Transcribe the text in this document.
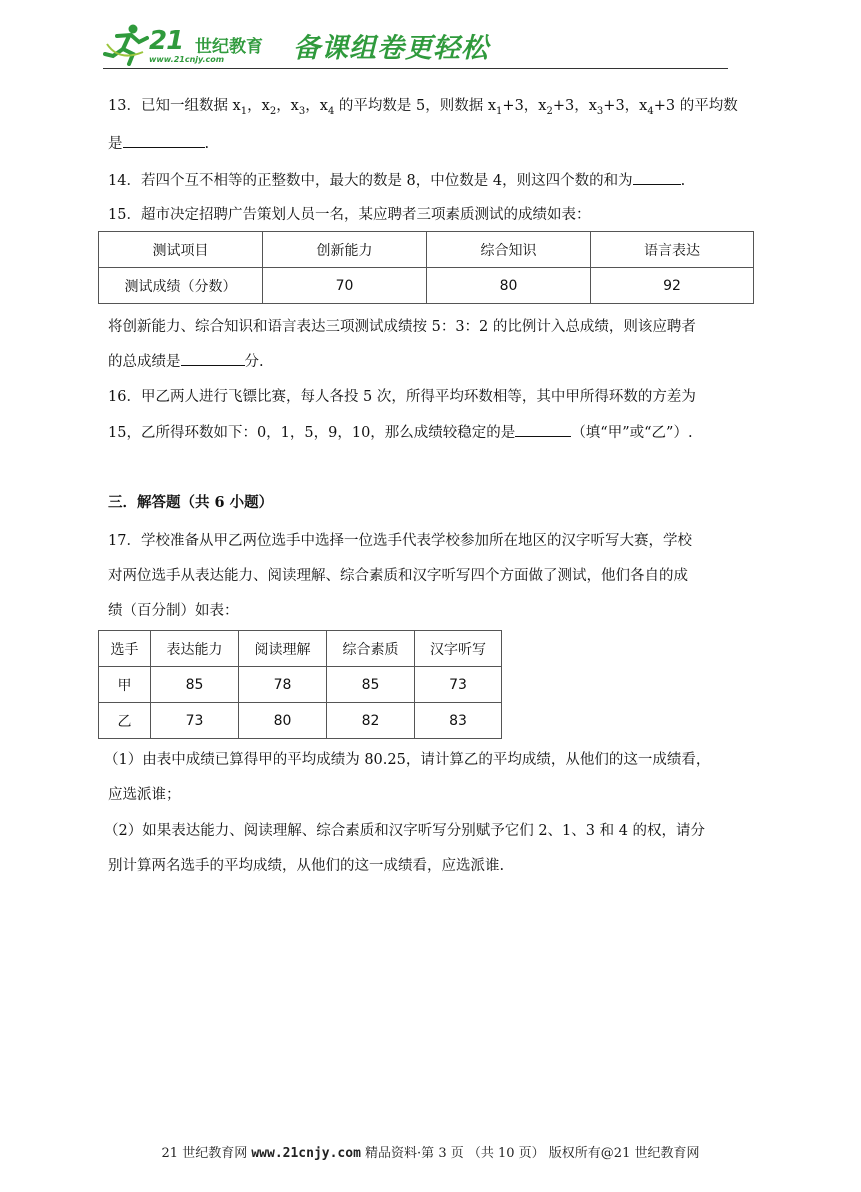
21 世纪教育
www.21cnjy.com	备课组卷更轻松
13．已知一组数据 $x_1$，$x_2$，$x_3$，$x_4$ 的平均数是 5，则数据 $x_1+3$，$x_2+3$，$x_3+3$，$x_4+3$ 的平均数
是	.
14．若四个互不相等的正整数中，最大的数是 8，中位数是 4，则这四个数的和为	.
15．超市决定招聘广告策划人员一名，某应聘者三项素质测试的成绩如表：
测试项目	创新能力	综合知识	语言表达
测试成绩（分数）	70	80	92
将创新能力、综合知识和语言表达三项测试成绩按 5：3：2 的比例计入总成绩，则该应聘者
的总成绩是	分.
16．甲乙两人进行飞镖比赛，每人各投 5 次，所得平均环数相等，其中甲所得环数的方差为
15，乙所得环数如下：0，1，5，9，10，那么成绩较稳定的是	（填“甲”或“乙”）.
三．解答题（共 6 小题）
17．学校准备从甲乙两位选手中选择一位选手代表学校参加所在地区的汉字听写大赛，学校
对两位选手从表达能力、阅读理解、综合素质和汉字听写四个方面做了测试，他们各自的成
绩（百分制）如表：
选手	表达能力	阅读理解	综合素质	汉字听写
甲	85	78	85	73
乙	73	80	82	83
（1）由表中成绩已算得甲的平均成绩为 80.25，请计算乙的平均成绩，从他们的这一成绩看，
应选派谁；
（2）如果表达能力、阅读理解、综合素质和汉字听写分别赋予它们 2、1、3 和 4 的权，请分
别计算两名选手的平均成绩，从他们的这一成绩看，应选派谁.
21 世纪教育网 www.21cnjy.com 精品资料·第 3 页 （共 10 页） 版权所有@21 世纪教育网
